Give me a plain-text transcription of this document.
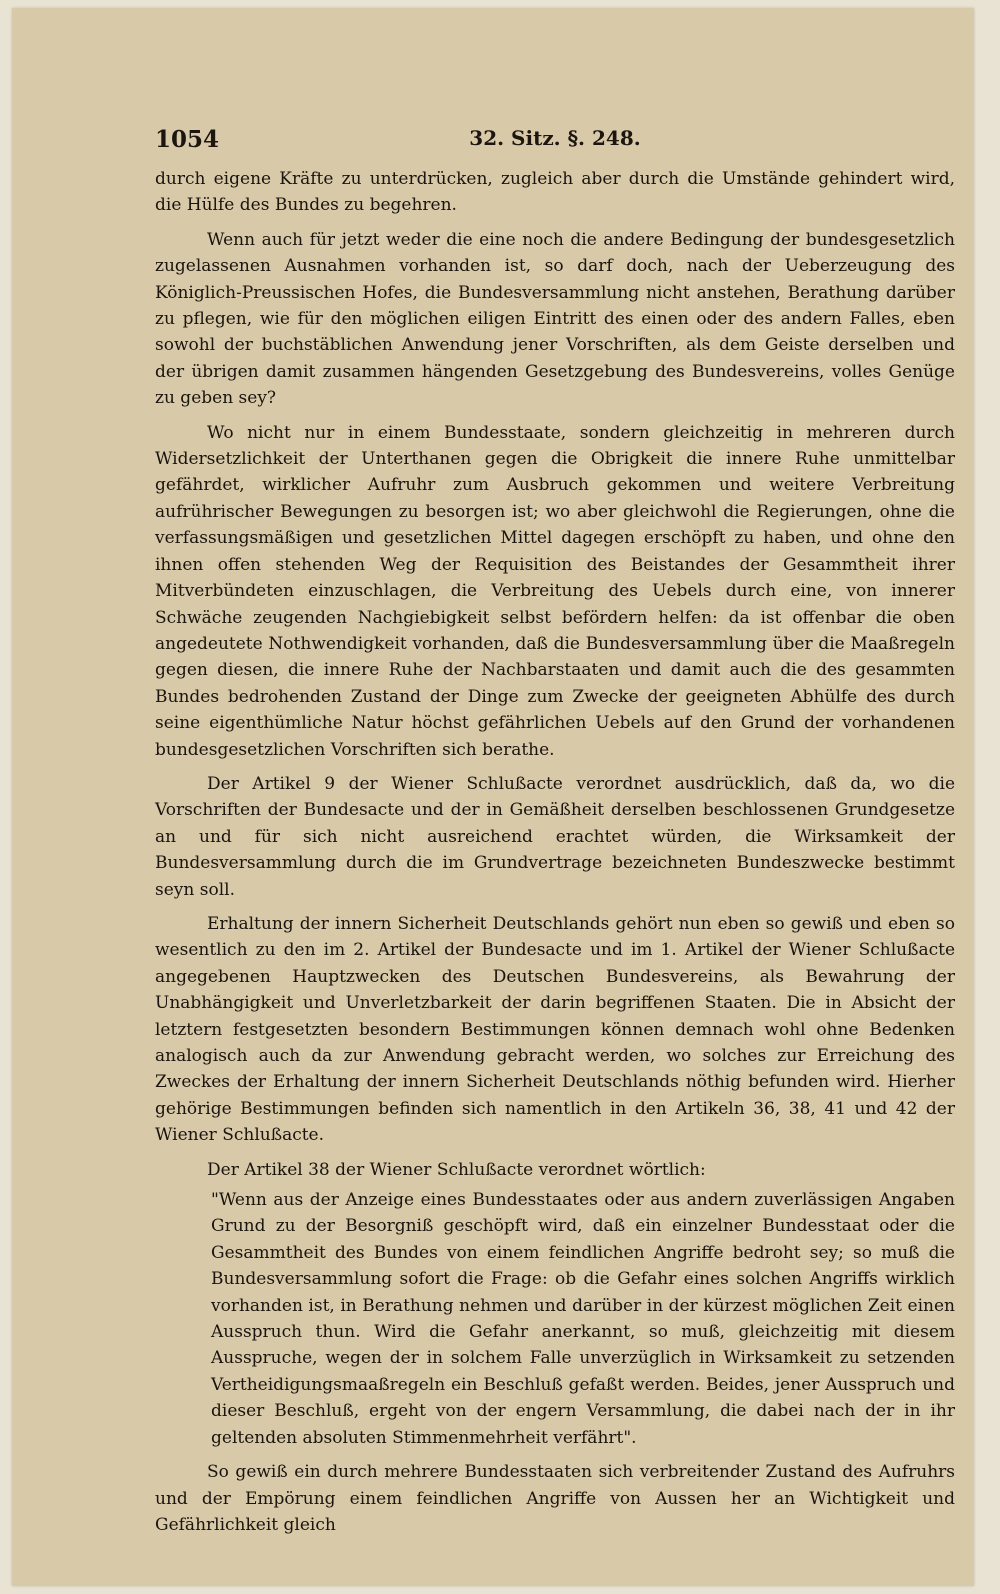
1054	32. Sitz. §. 248.

durch eigene Kräfte zu unterdrücken, zugleich aber durch die Umstände gehindert wird, die Hülfe des Bundes zu begehren.

Wenn auch für jetzt weder die eine noch die andere Bedingung der bundesgesetzlich zugelassenen Ausnahmen vorhanden ist, so darf doch, nach der Ueberzeugung des Königlich-Preussischen Hofes, die Bundesversammlung nicht anstehen, Berathung darüber zu pflegen, wie für den möglichen eiligen Eintritt des einen oder des andern Falles, eben sowohl der buchstäblichen Anwendung jener Vorschriften, als dem Geiste derselben und der übrigen damit zusammen hängenden Gesetzgebung des Bundesvereins, volles Genüge zu geben sey?

Wo nicht nur in einem Bundesstaate, sondern gleichzeitig in mehreren durch Widersetzlichkeit der Unterthanen gegen die Obrigkeit die innere Ruhe unmittelbar gefährdet, wirklicher Aufruhr zum Ausbruch gekommen und weitere Verbreitung aufrührischer Bewegungen zu besorgen ist; wo aber gleichwohl die Regierungen, ohne die verfassungsmäßigen und gesetzlichen Mittel dagegen erschöpft zu haben, und ohne den ihnen offen stehenden Weg der Requisition des Beistandes der Gesammtheit ihrer Mitverbündeten einzuschlagen, die Verbreitung des Uebels durch eine, von innerer Schwäche zeugenden Nachgiebigkeit selbst befördern helfen: da ist offenbar die oben angedeutete Nothwendigkeit vorhanden, daß die Bundesversammlung über die Maaßregeln gegen diesen, die innere Ruhe der Nachbarstaaten und damit auch die des gesammten Bundes bedrohenden Zustand der Dinge zum Zwecke der geeigneten Abhülfe des durch seine eigenthümliche Natur höchst gefährlichen Uebels auf den Grund der vorhandenen bundesgesetzlichen Vorschriften sich berathe.

Der Artikel 9 der Wiener Schlußacte verordnet ausdrücklich, daß da, wo die Vorschriften der Bundesacte und der in Gemäßheit derselben beschlossenen Grundgesetze an und für sich nicht ausreichend erachtet würden, die Wirksamkeit der Bundesversammlung durch die im Grundvertrage bezeichneten Bundeszwecke bestimmt seyn soll.

Erhaltung der innern Sicherheit Deutschlands gehört nun eben so gewiß und eben so wesentlich zu den im 2. Artikel der Bundesacte und im 1. Artikel der Wiener Schlußacte angegebenen Hauptzwecken des Deutschen Bundesvereins, als Bewahrung der Unabhängigkeit und Unverletzbarkeit der darin begriffenen Staaten. Die in Absicht der letztern festgesetzten besondern Bestimmungen können demnach wohl ohne Bedenken analogisch auch da zur Anwendung gebracht werden, wo solches zur Erreichung des Zweckes der Erhaltung der innern Sicherheit Deutschlands nöthig befunden wird. Hierher gehörige Bestimmungen befinden sich namentlich in den Artikeln 36, 38, 41 und 42 der Wiener Schlußacte.

Der Artikel 38 der Wiener Schlußacte verordnet wörtlich:

"Wenn aus der Anzeige eines Bundesstaates oder aus andern zuverlässigen Angaben Grund zu der Besorgniß geschöpft wird, daß ein einzelner Bundesstaat oder die Gesammtheit des Bundes von einem feindlichen Angriffe bedroht sey; so muß die Bundesversammlung sofort die Frage: ob die Gefahr eines solchen Angriffs wirklich vorhanden ist, in Berathung nehmen und darüber in der kürzest möglichen Zeit einen Ausspruch thun. Wird die Gefahr anerkannt, so muß, gleichzeitig mit diesem Ausspruche, wegen der in solchem Falle unverzüglich in Wirksamkeit zu setzenden Vertheidigungsmaaßregeln ein Beschluß gefaßt werden. Beides, jener Ausspruch und dieser Beschluß, ergeht von der engern Versammlung, die dabei nach der in ihr geltenden absoluten Stimmenmehrheit verfährt".

So gewiß ein durch mehrere Bundesstaaten sich verbreitender Zustand des Aufruhrs und der Empörung einem feindlichen Angriffe von Aussen her an Wichtigkeit und Gefährlichkeit gleich
